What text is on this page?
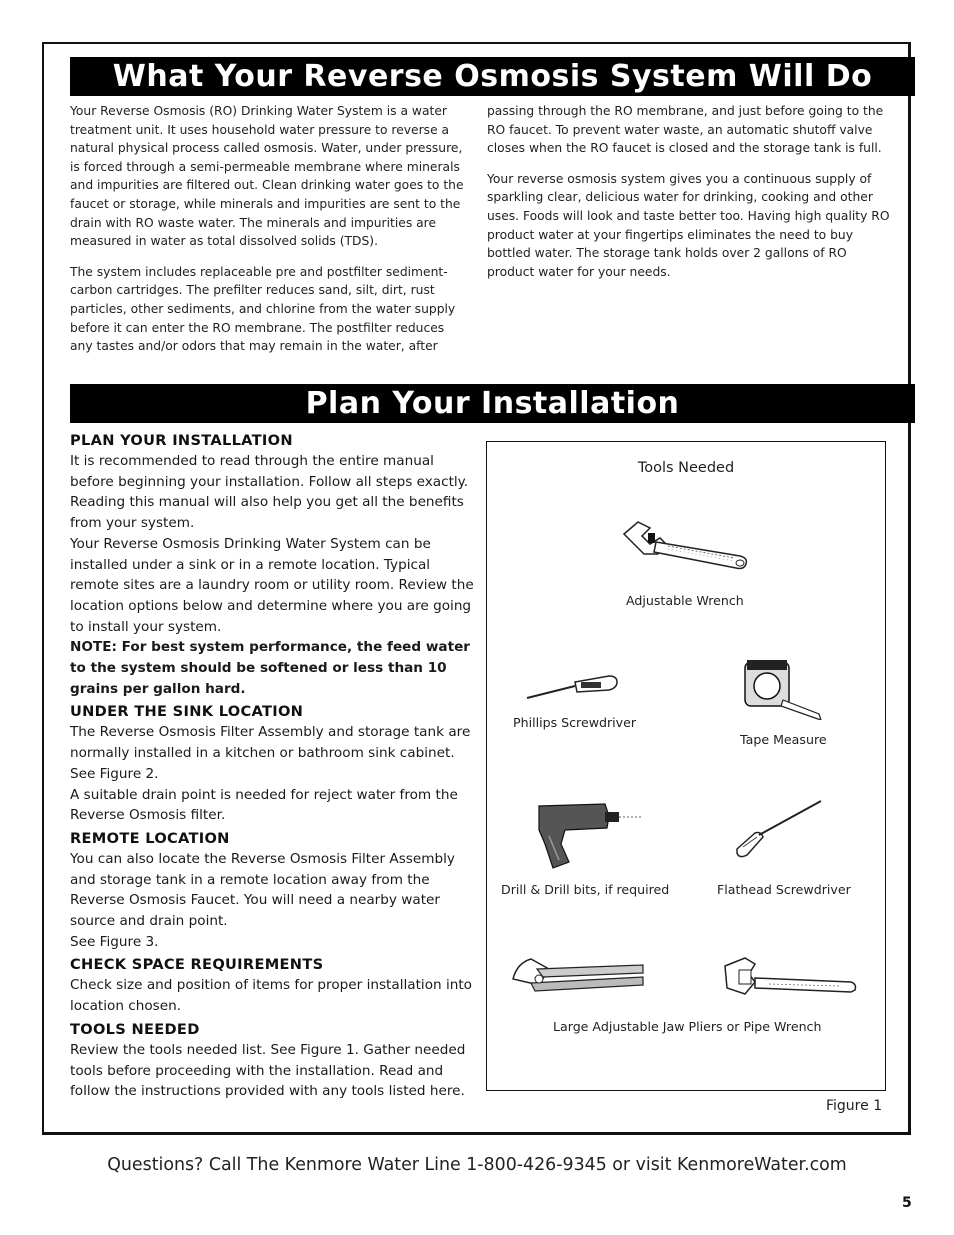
What Your Reverse Osmosis System Will Do

Your Reverse Osmosis (RO) Drinking Water System is a water treatment unit. It uses household water pressure to reverse a natural physical process called osmosis. Water, under pressure, is forced through a semi-permeable membrane where minerals and impurities are filtered out. Clean drinking water goes to the faucet or storage, while minerals and impurities are sent to the drain with RO waste water. The minerals and impurities are measured in water as total dissolved solids (TDS).

The system includes replaceable pre and postfilter sediment-carbon cartridges. The prefilter reduces sand, silt, dirt, rust particles, other sediments, and chlorine from the water supply before it can enter the RO membrane. The postfilter reduces any tastes and/or odors that may remain in the water, after

passing through the RO membrane, and just before going to the RO faucet. To prevent water waste, an automatic shutoff valve closes when the RO faucet is closed and the storage tank is full.

Your reverse osmosis system gives you a continuous supply of sparkling clear, delicious water for drinking, cooking and other uses. Foods will look and taste better too. Having high quality RO product water at your fingertips eliminates the need to buy bottled water. The storage tank holds over 2 gallons of RO product water for your needs.

Plan Your Installation
PLAN YOUR INSTALLATION

It is recommended to read through the entire manual before beginning your installation. Follow all steps exactly. Reading this manual will also help you get all the benefits from your system.

Your Reverse Osmosis Drinking Water System can be installed under a sink or in a remote location. Typical remote sites are a laundry room or utility room. Review the location options below and determine where you are going to install your system.

NOTE: For best system performance, the feed water to the system should be softened or less than 10 grains per gallon hard.

UNDER THE SINK LOCATION

The Reverse Osmosis Filter Assembly and storage tank are normally installed in a kitchen or bathroom sink cabinet. See Figure 2.

A suitable drain point is needed for reject water from the Reverse Osmosis filter.

REMOTE LOCATION

You can also locate the Reverse Osmosis Filter Assembly and storage tank in a remote location away from the Reverse Osmosis Faucet. You will need a nearby water source and drain point.

See Figure 3.

CHECK SPACE REQUIREMENTS

Check size and position of items for proper installation into location chosen.

TOOLS NEEDED

Review the tools needed list. See Figure 1. Gather needed tools before proceeding with the installation. Read and follow the instructions provided with any tools listed here.

Tools Needed
Adjustable Wrench
Phillips Screwdriver
Tape Measure
Drill & Drill bits, if required	Flathead Screwdriver
Large Adjustable Jaw Pliers or Pipe Wrench
Figure 1
Questions? Call The Kenmore Water Line 1-800-426-9345 or visit KenmoreWater.com
5
